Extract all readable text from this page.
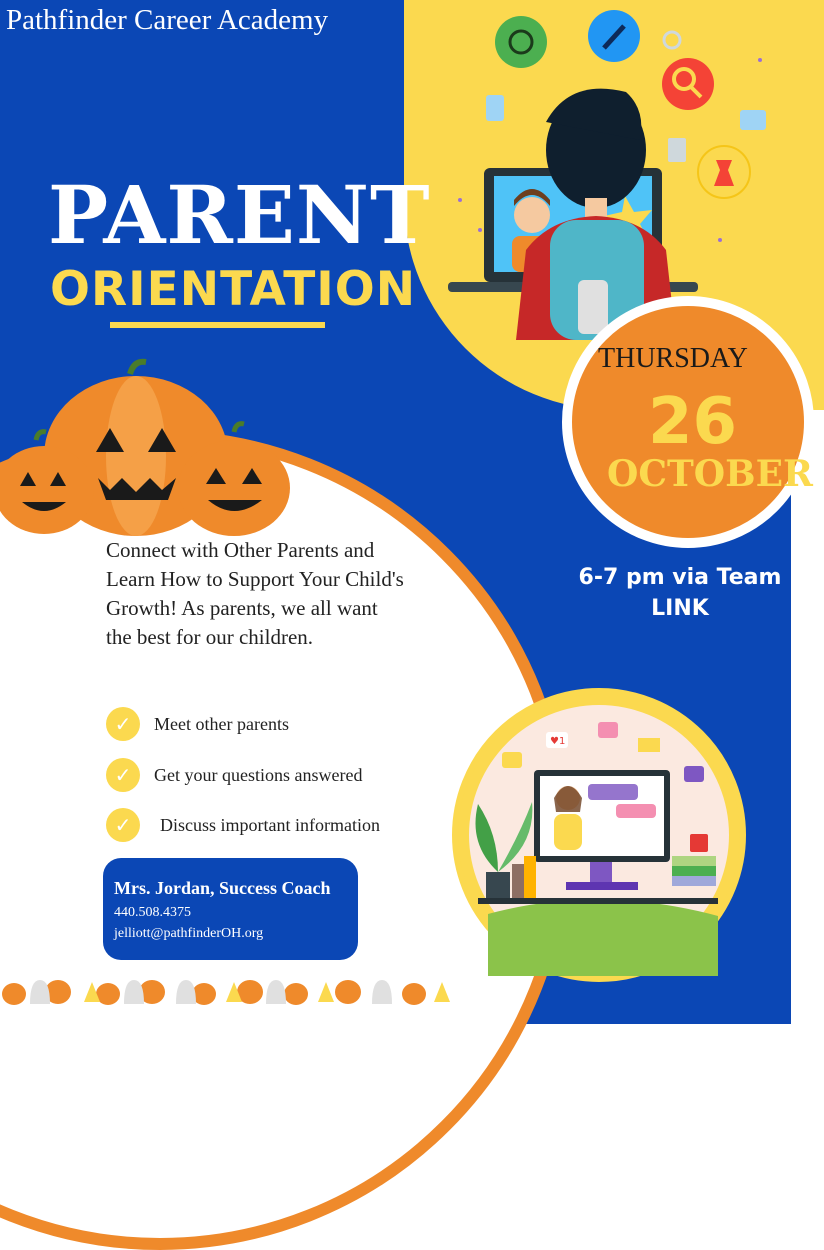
Pathfinder Career Academy
PARENT
ORIENTATION
THURSDAY
26
OCTOBER
6-7 pm via Team
LINK
Connect with Other Parents and Learn How to Support Your Child's Growth! As parents, we all want the best for our children.
✓	Meet other parents
✓	Get your questions answered
✓	Discuss important information
Mrs. Jordan, Success Coach
440.508.4375
jelliott@pathfinderOH.org
♥1
